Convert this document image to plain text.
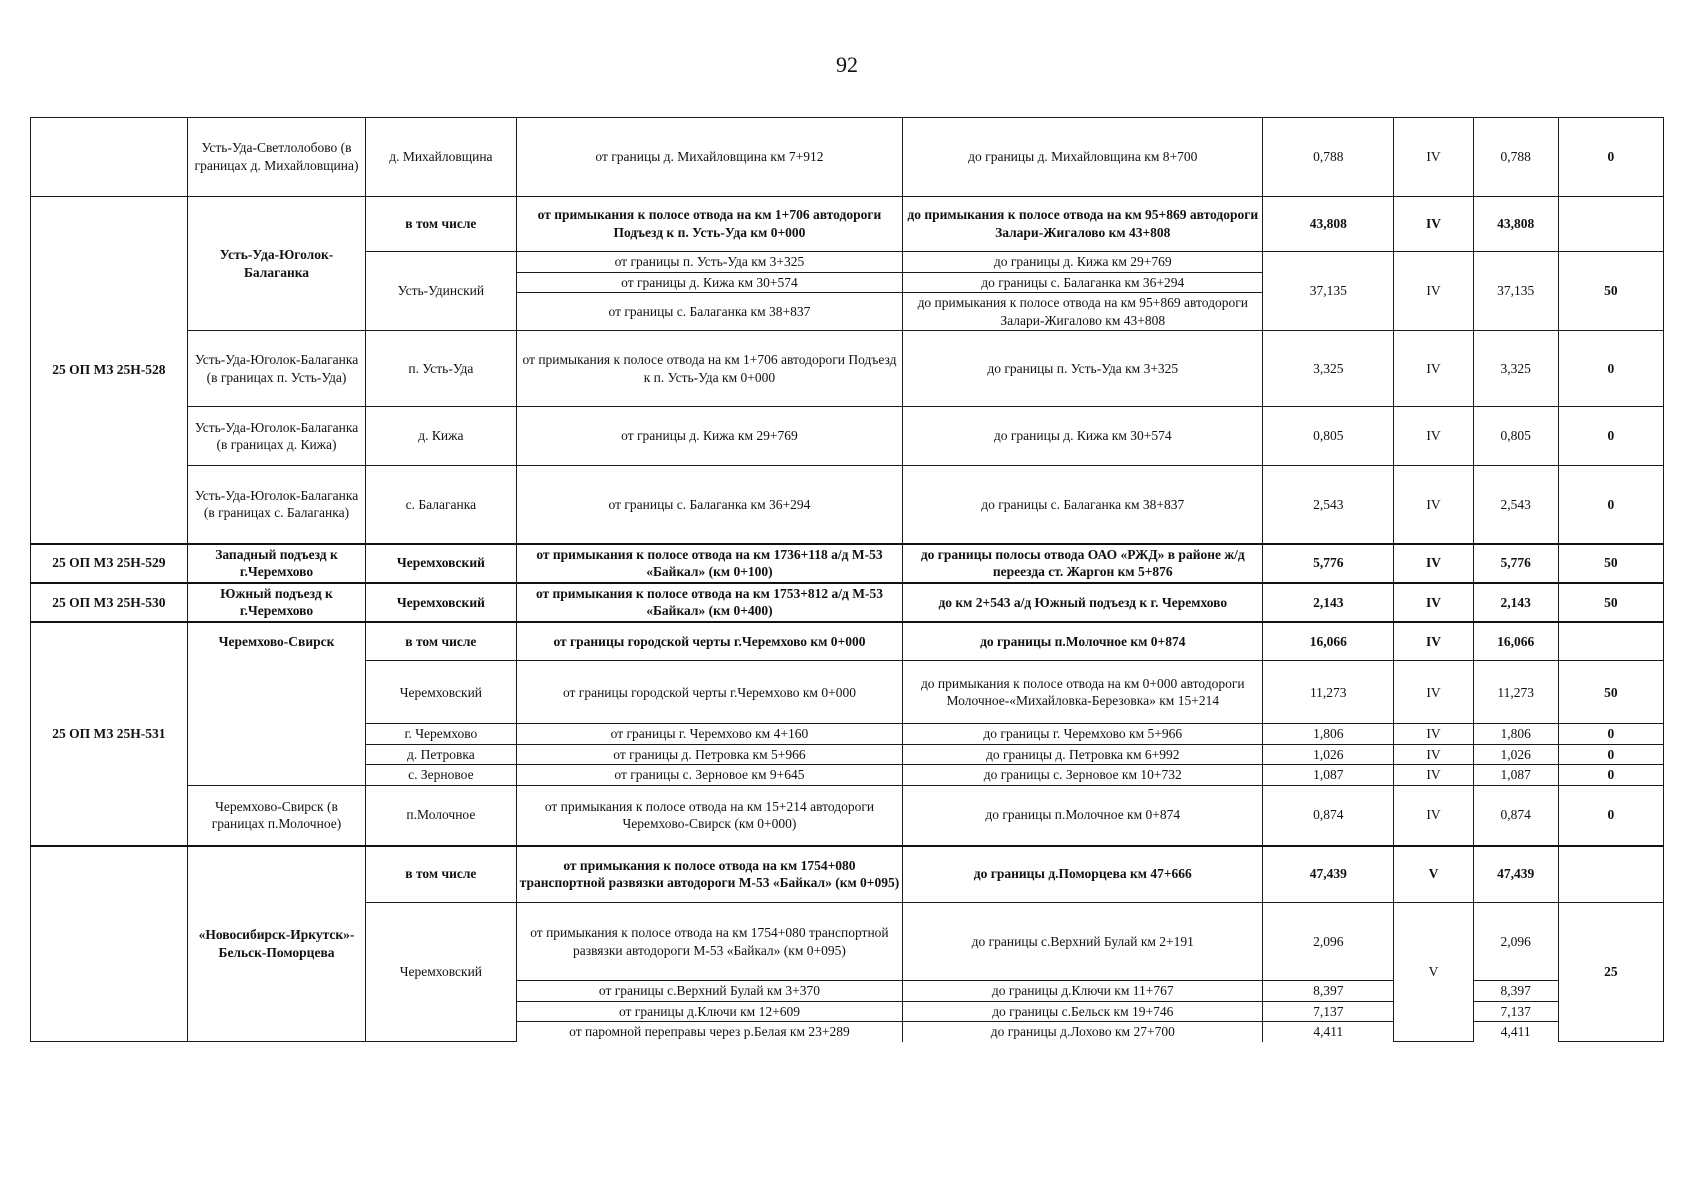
92
	Усть-Уда-Светлолобово (в границах д. Михайловщина)	д. Михайловщина	от границы д. Михайловщина км 7+912	до границы д. Михайловщина км 8+700	0,788	IV	0,788	0
25 ОП МЗ 25Н-528	Усть-Уда-Юголок-Балаганка	в том числе	от примыкания к полосе отвода на км 1+706 автодороги Подъезд к п. Усть-Уда км 0+000	до примыкания к полосе отвода на км 95+869 автодороги Залари-Жигалово км 43+808	43,808	IV	43,808	
		Усть-Удинский	от границы п. Усть-Уда км 3+325	до границы д. Кижа км 29+769	37,135	IV	37,135	50
			от границы д. Кижа км 30+574	до границы с. Балаганка км 36+294				
			от границы с. Балаганка км 38+837	до примыкания к полосе отвода на км 95+869 автодороги Залари-Жигалово км 43+808				
	Усть-Уда-Юголок-Балаганка (в границах п. Усть-Уда)	п. Усть-Уда	от примыкания к полосе отвода на км 1+706 автодороги Подъезд к п. Усть-Уда км 0+000	до границы п. Усть-Уда км 3+325	3,325	IV	3,325	0
	Усть-Уда-Юголок-Балаганка (в границах д. Кижа)	д. Кижа	от границы д. Кижа км 29+769	до границы д. Кижа км 30+574	0,805	IV	0,805	0
	Усть-Уда-Юголок-Балаганка (в границах с. Балаганка)	с. Балаганка	от границы с. Балаганка км 36+294	до границы с. Балаганка км 38+837	2,543	IV	2,543	0
25 ОП МЗ 25Н-529	Западный подъезд к г.Черемхово	Черемховский	от примыкания к полосе отвода на км 1736+118 а/д М-53 «Байкал» (км 0+100)	до границы полосы отвода ОАО «РЖД» в районе ж/д переезда ст. Жаргон км 5+876	5,776	IV	5,776	50
25 ОП МЗ 25Н-530	Южный подъезд к г.Черемхово	Черемховский	от примыкания к полосе отвода на км 1753+812 а/д М-53 «Байкал» (км 0+400)	до км 2+543 а/д Южный подъезд к г. Черемхово	2,143	IV	2,143	50
25 ОП МЗ 25Н-531	Черемхово-Свирск	в том числе	от границы городской черты г.Черемхово км 0+000	до границы п.Молочное км 0+874	16,066	IV	16,066	
		Черемховский	от границы городской черты г.Черемхово км 0+000	до примыкания к полосе отвода на км 0+000 автодороги Молочное-«Михайловка-Березовка» км 15+214	11,273	IV	11,273	50
		г. Черемхово	от границы г. Черемхово км 4+160	до границы г. Черемхово км 5+966	1,806	IV	1,806	0
		д. Петровка	от границы д. Петровка км 5+966	до границы д. Петровка км 6+992	1,026	IV	1,026	0
		с. Зерновое	от границы с. Зерновое км 9+645	до границы с. Зерновое км 10+732	1,087	IV	1,087	0
	Черемхово-Свирск (в границах п.Молочное)	п.Молочное	от примыкания к полосе отвода на км 15+214 автодороги Черемхово-Свирск (км 0+000)	до границы п.Молочное км 0+874	0,874	IV	0,874	0
	«Новосибирск-Иркутск»-Бельск-Поморцева	в том числе	от примыкания к полосе отвода на км 1754+080 транспортной развязки автодороги М-53 «Байкал» (км 0+095)	до границы д.Поморцева км 47+666	47,439	V	47,439	
		Черемховский	от примыкания к полосе отвода на км 1754+080 транспортной развязки автодороги М-53 «Байкал» (км 0+095)	до границы с.Верхний Булай км 2+191	2,096	V	2,096	25
			от границы с.Верхний Булай км 3+370	до границы д.Ключи км 11+767	8,397		8,397	
			от границы д.Ключи км 12+609	до границы с.Бельск км 19+746	7,137		7,137	
			от паромной переправы через р.Белая км 23+289	до границы д.Лохово км 27+700	4,411		4,411	
